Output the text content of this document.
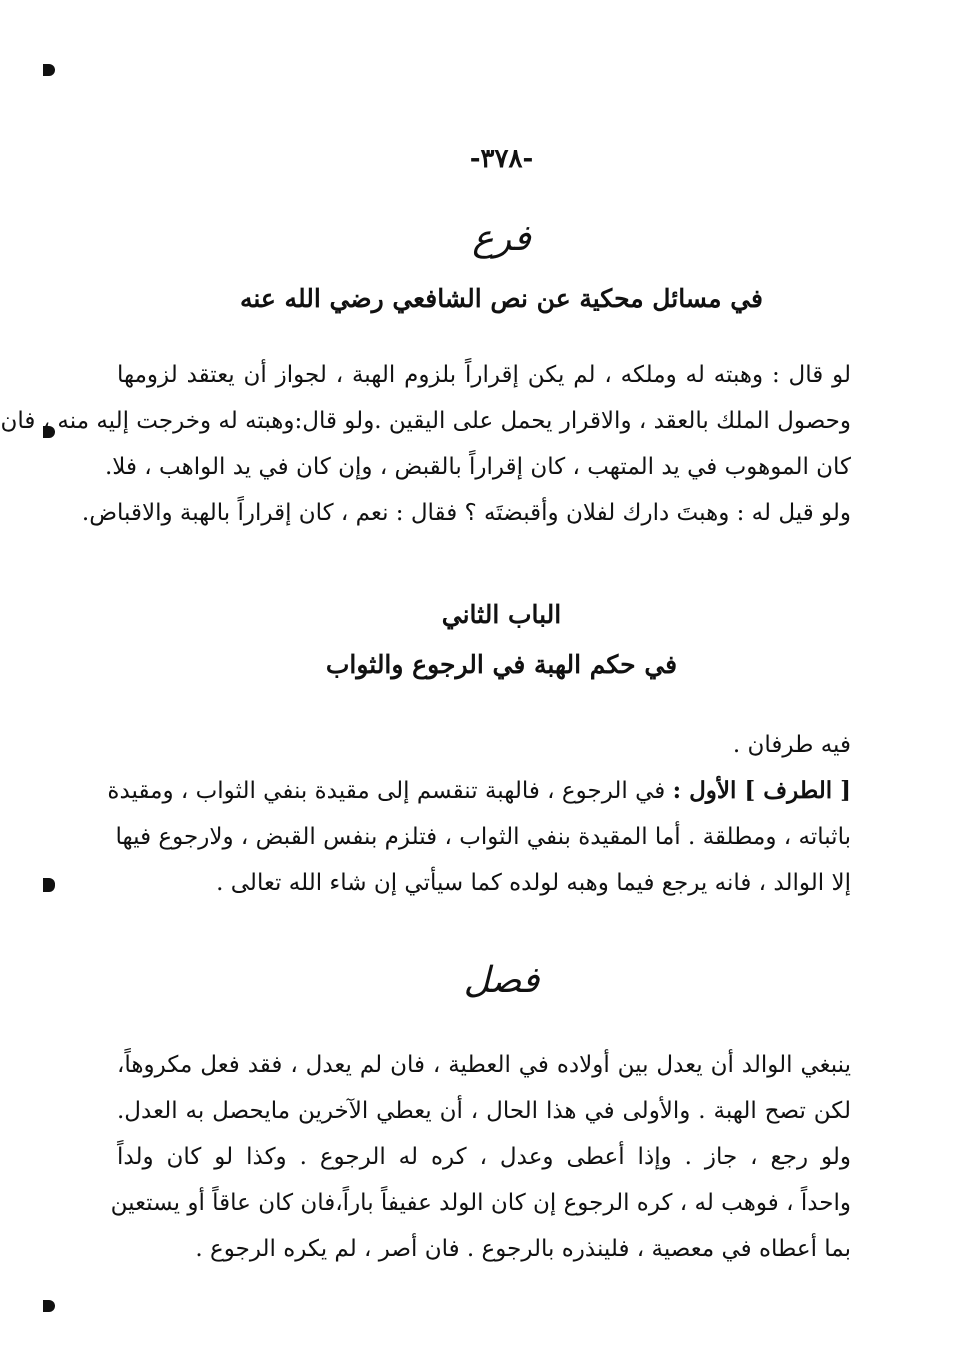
-٣٧٨-
فرع
في مسائل محكية عن نص الشافعي رضي الله عنه
لو قال : وهبته له وملكه ، لم يكن إقراراً بلزوم الهبة ، لجواز أن يعتقد لزومها
وحصول الملك بالعقد ، والاقرار يحمل على اليقين .ولو قال:وهبته له وخرجت إليه منه ، فان
كان الموهوب في يد المتهب ، كان إقراراً بالقبض ، وإن كان في يد الواهب ، فلا.
ولو قيل له : وهبتَ دارك لفلان وأقبضتَه ؟ فقال : نعم ، كان إقراراً بالهبة والاقباض.
الباب الثاني
في حكم الهبة في الرجوع والثواب
فيه طرفان .
[ الطرف ] الأول : في الرجوع ، فالهبة تنقسم إلى مقيدة بنفي الثواب ، ومقيدة
باثباته ، ومطلقة . أما المقيدة بنفي الثواب ، فتلزم بنفس القبض ، ولارجوع فيها
إلا الوالد ، فانه يرجع فيما وهبه لولده كما سيأتي إن شاء الله تعالى .
فصل
ينبغي الوالد أن يعدل بين أولاده في العطية ، فان لم يعدل ، فقد فعل مكروهاً،
لكن تصح الهبة . والأولى في هذا الحال ، أن يعطي الآخرين مايحصل به العدل.
ولو رجع ، جاز . وإذا أعطى وعدل ، كره له الرجوع . وكذا لو كان ولداً
واحداً ، فوهب له ، كره الرجوع إن كان الولد عفيفاً باراً،فان كان عاقاً أو يستعين
بما أعطاه في معصية ، فلينذره بالرجوع . فان أصر ، لم يكره الرجوع .
